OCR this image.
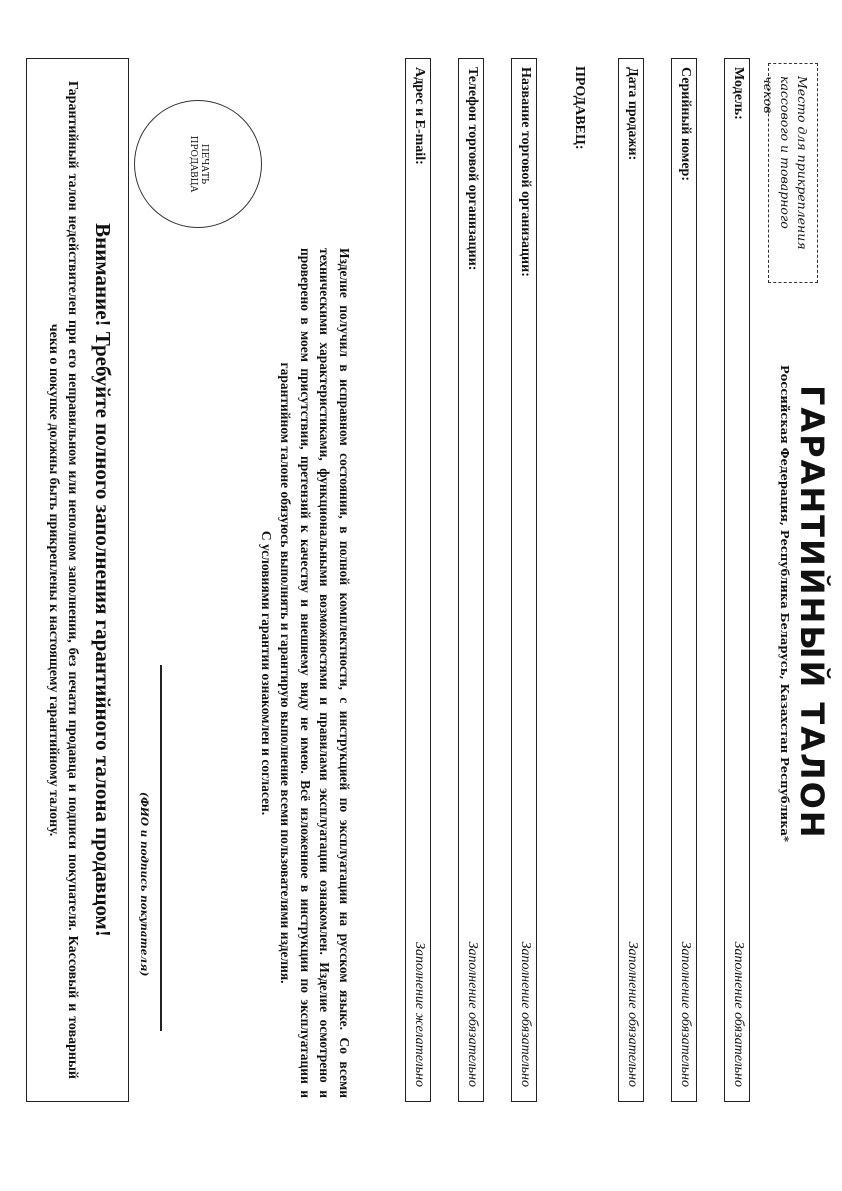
Место для прикрепления
кассового и товарного чеков
ГАРАНТИЙНЫЙ ТАЛОН
Российская Федерация, Республика Беларусь, Казахстан Республика*
Модель:
Заполнение обязательно
Серийный номер:
Заполнение обязательно
Дата продажи:
Заполнение обязательно
ПРОДАВЕЦ:
Название торговой организации:
Заполнение обязательно
Телефон торговой организации:
Заполнение обязательно
Адрес и E-mail:
Заполнение желательно
ПЕЧАТЬ
ПРОДАВЦА
Изделие получил в исправном состоянии, в полной комплектности, с инструкцией по эксплуатации на русском языке. Со всеми техническими характеристиками, функциональными возможностями и правилами эксплуатации ознакомлен. Изделие осмотрено и проверено в моем присутствии, претензий к качеству и внешнему виду не имею. Всё изложенное в инструкции по эксплуатации и гарантийном талоне обязуюсь выполнять и гарантирую выполнение всеми пользователями изделия.
С условиями гарантии ознакомлен и согласен.
(ФИО и подпись покупателя)
Внимание! Требуйте полного заполнения гарантийного талона продавцом!
Гарантийный талон недействителен при его неправильном или неполном заполнении, без печати продавца и подписи покупателя. Кассовый и товарный чеки о покупке должны быть прикреплены к настоящему гарантийному талону.
